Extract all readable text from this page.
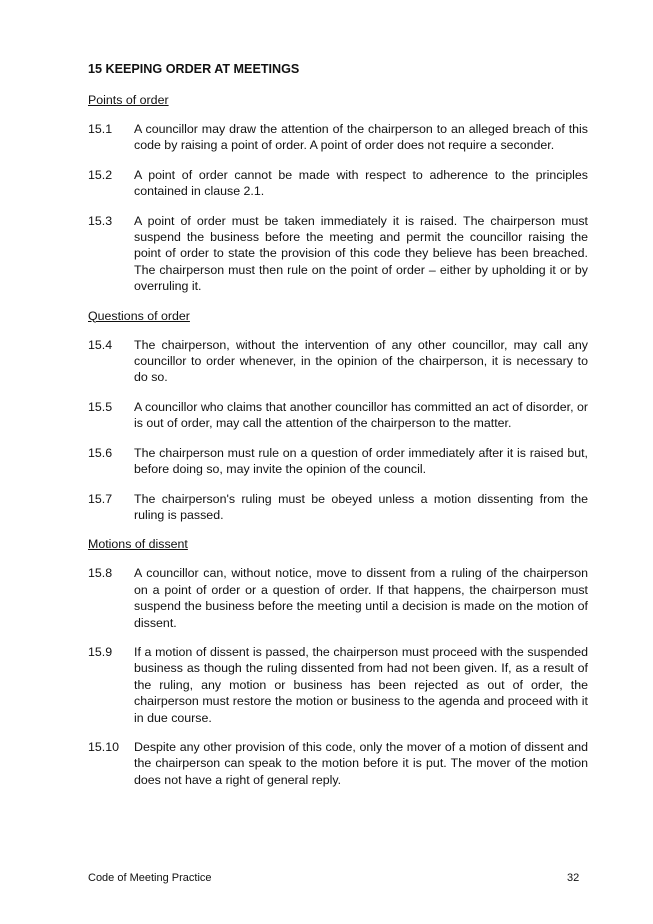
15 KEEPING ORDER AT MEETINGS
Points of order
15.1	A councillor may draw the attention of the chairperson to an alleged breach of this code by raising a point of order. A point of order does not require a seconder.
15.2	A point of order cannot be made with respect to adherence to the principles contained in clause 2.1.
15.3	A point of order must be taken immediately it is raised. The chairperson must suspend the business before the meeting and permit the councillor raising the point of order to state the provision of this code they believe has been breached. The chairperson must then rule on the point of order – either by upholding it or by overruling it.
Questions of order
15.4	The chairperson, without the intervention of any other councillor, may call any councillor to order whenever, in the opinion of the chairperson, it is necessary to do so.
15.5	A councillor who claims that another councillor has committed an act of disorder, or is out of order, may call the attention of the chairperson to the matter.
15.6	The chairperson must rule on a question of order immediately after it is raised but, before doing so, may invite the opinion of the council.
15.7	The chairperson's ruling must be obeyed unless a motion dissenting from the ruling is passed.
Motions of dissent
15.8	A councillor can, without notice, move to dissent from a ruling of the chairperson on a point of order or a question of order. If that happens, the chairperson must suspend the business before the meeting until a decision is made on the motion of dissent.
15.9	If a motion of dissent is passed, the chairperson must proceed with the suspended business as though the ruling dissented from had not been given. If, as a result of the ruling, any motion or business has been rejected as out of order, the chairperson must restore the motion or business to the agenda and proceed with it in due course.
15.10	Despite any other provision of this code, only the mover of a motion of dissent and the chairperson can speak to the motion before it is put. The mover of the motion does not have a right of general reply.
Code of Meeting Practice	32
